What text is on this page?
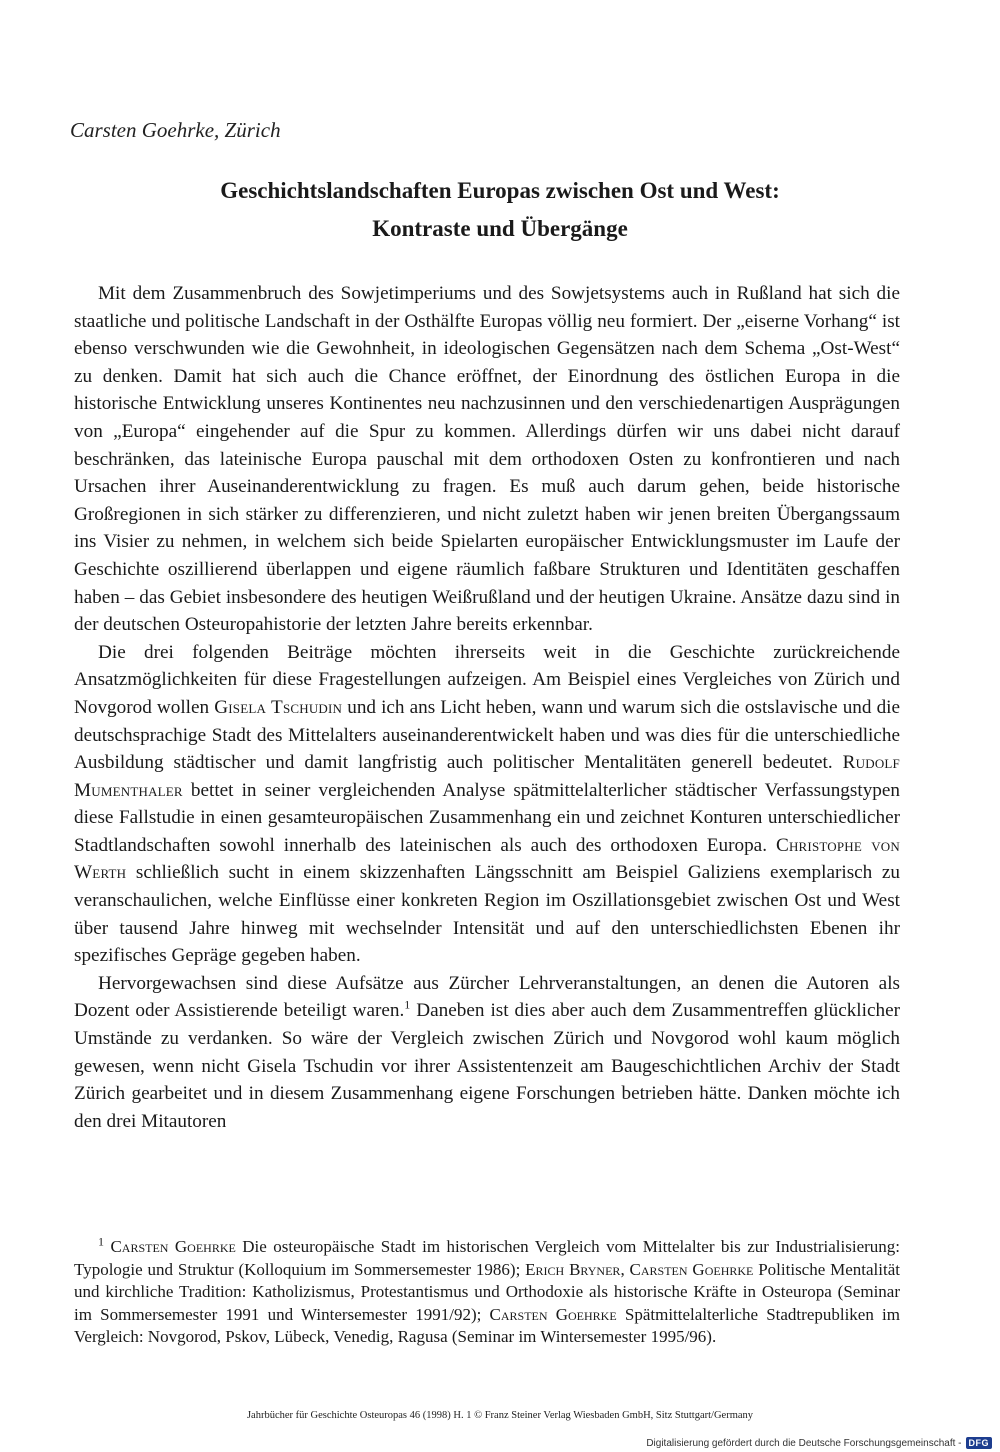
Carsten Goehrke, Zürich
Geschichtslandschaften Europas zwischen Ost und West:
Kontraste und Übergänge

Mit dem Zusammenbruch des Sowjetimperiums und des Sowjetsystems auch in Rußland hat sich die staatliche und politische Landschaft in der Osthälfte Europas völlig neu formiert. Der „eiserne Vorhang“ ist ebenso verschwunden wie die Gewohnheit, in ideologischen Gegensätzen nach dem Schema „Ost-West“ zu denken. Damit hat sich auch die Chance eröffnet, der Einordnung des östlichen Europa in die historische Entwicklung unseres Kontinentes neu nachzusinnen und den verschiedenartigen Ausprägungen von „Europa“ eingehender auf die Spur zu kommen. Allerdings dürfen wir uns dabei nicht darauf beschränken, das lateinische Europa pauschal mit dem orthodoxen Osten zu konfrontieren und nach Ursachen ihrer Auseinanderentwicklung zu fragen. Es muß auch darum gehen, beide historische Großregionen in sich stärker zu differenzieren, und nicht zuletzt haben wir jenen breiten Übergangssaum ins Visier zu nehmen, in welchem sich beide Spielarten europäischer Entwicklungsmuster im Laufe der Geschichte oszillierend überlappen und eigene räumlich faßbare Strukturen und Identitäten geschaffen haben – das Gebiet insbesondere des heutigen Weißrußland und der heutigen Ukraine. Ansätze dazu sind in der deutschen Osteuropahistorie der letzten Jahre bereits erkennbar.

Die drei folgenden Beiträge möchten ihrerseits weit in die Geschichte zurückreichende Ansatzmöglichkeiten für diese Fragestellungen aufzeigen. Am Beispiel eines Vergleiches von Zürich und Novgorod wollen Gisela Tschudin und ich ans Licht heben, wann und warum sich die ostslavische und die deutschsprachige Stadt des Mittelalters auseinanderentwickelt haben und was dies für die unterschiedliche Ausbildung städtischer und damit langfristig auch politischer Mentalitäten generell bedeutet. Rudolf Mumenthaler bettet in seiner vergleichenden Analyse spätmittelalterlicher städtischer Verfassungstypen diese Fallstudie in einen gesamteuropäischen Zusammenhang ein und zeichnet Konturen unterschiedlicher Stadtlandschaften sowohl innerhalb des lateinischen als auch des orthodoxen Europa. Christophe von Werth schließlich sucht in einem skizzenhaften Längsschnitt am Beispiel Galiziens exemplarisch zu veranschaulichen, welche Einflüsse einer konkreten Region im Oszillationsgebiet zwischen Ost und West über tausend Jahre hinweg mit wechselnder Intensität und auf den unterschiedlichsten Ebenen ihr spezifisches Gepräge gegeben haben.

Hervorgewachsen sind diese Aufsätze aus Zürcher Lehrveranstaltungen, an denen die Autoren als Dozent oder Assistierende beteiligt waren.$^1$ Daneben ist dies aber auch dem Zusammentreffen glücklicher Umstände zu verdanken. So wäre der Vergleich zwischen Zürich und Novgorod wohl kaum möglich gewesen, wenn nicht Gisela Tschudin vor ihrer Assistentenzeit am Baugeschichtlichen Archiv der Stadt Zürich gearbeitet und in diesem Zusammenhang eigene Forschungen betrieben hätte. Danken möchte ich den drei Mitautoren

$^1$ Carsten Goehrke Die osteuropäische Stadt im historischen Vergleich vom Mittelalter bis zur Industrialisierung: Typologie und Struktur (Kolloquium im Sommersemester 1986); Erich Bryner, Carsten Goehrke Politische Mentalität und kirchliche Tradition: Katholizismus, Protestantismus und Orthodoxie als historische Kräfte in Osteuropa (Seminar im Sommersemester 1991 und Wintersemester 1991/92); Carsten Goehrke Spätmittelalterliche Stadtrepubliken im Vergleich: Novgorod, Pskov, Lübeck, Venedig, Ragusa (Seminar im Wintersemester 1995/96).

Jahrbücher für Geschichte Osteuropas 46 (1998) H. 1 © Franz Steiner Verlag Wiesbaden GmbH, Sitz Stuttgart/Germany
Digitalisierung gefördert durch die Deutsche Forschungsgemeinschaft - DFG
